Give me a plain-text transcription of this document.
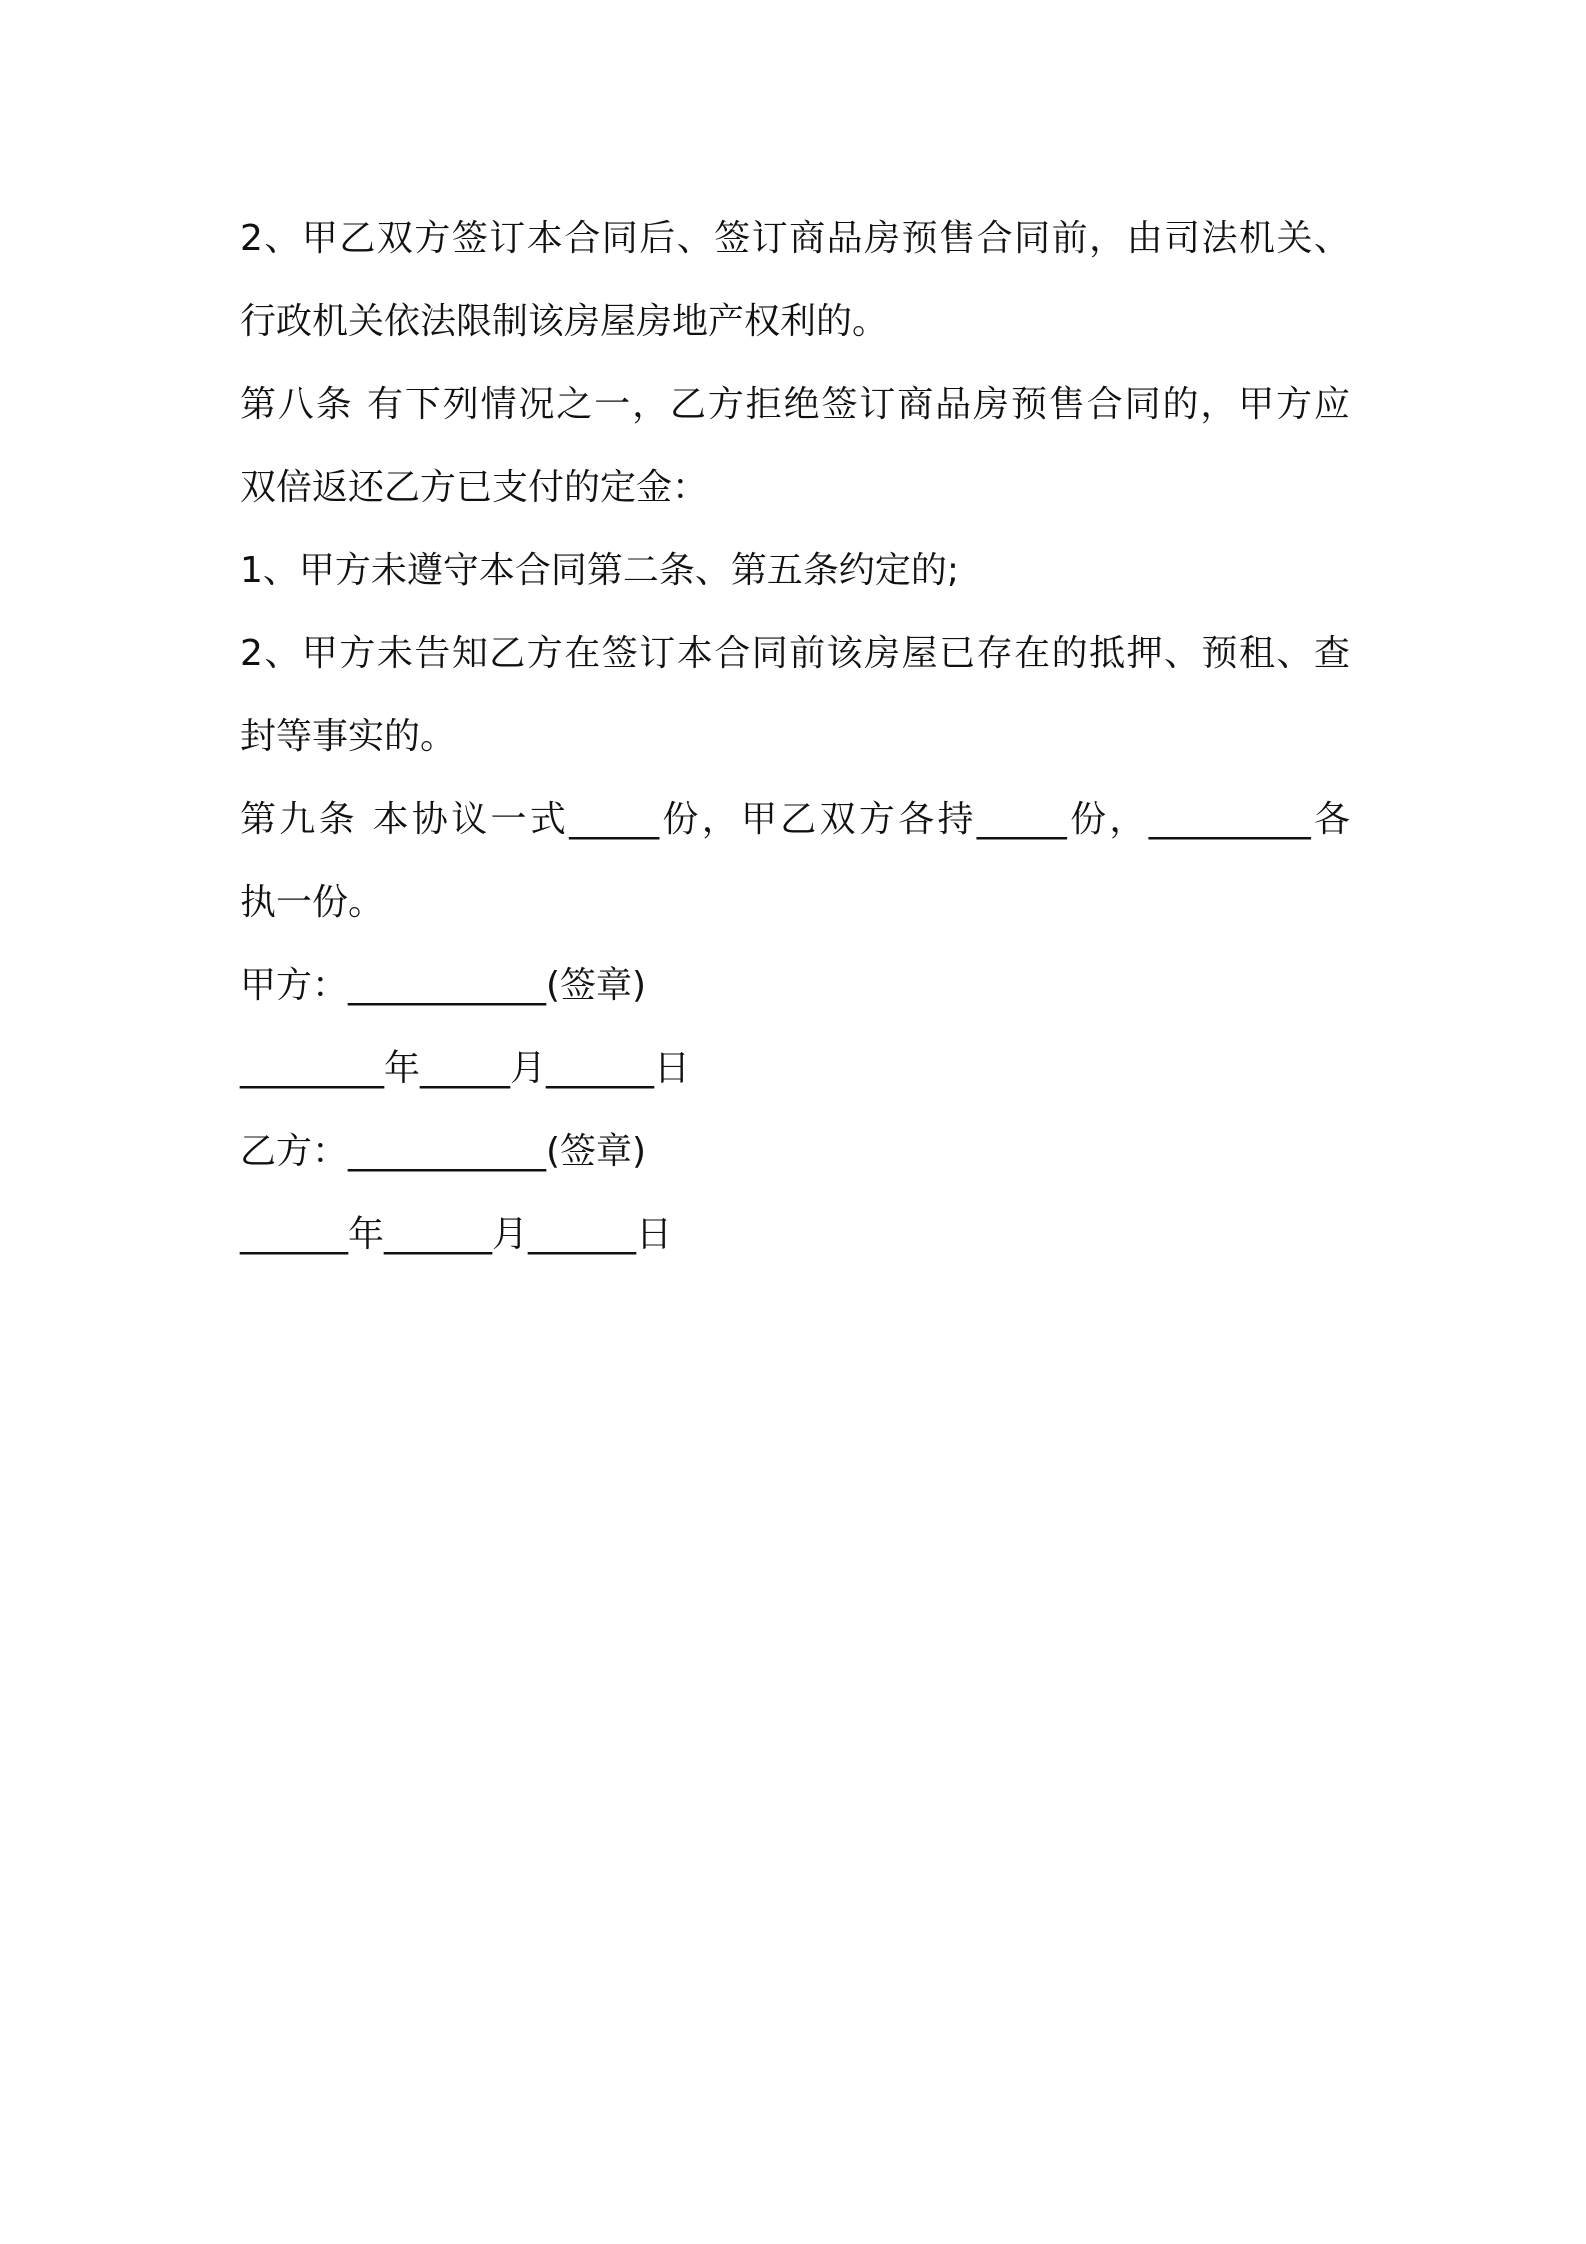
2、甲乙双方签订本合同后、签订商品房预售合同前，由司法机关、
行政机关依法限制该房屋房地产权利的。
第八条 有下列情况之一，乙方拒绝签订商品房预售合同的，甲方应
双倍返还乙方已支付的定金：
1、甲方未遵守本合同第二条、第五条约定的;
2、甲方未告知乙方在签订本合同前该房屋已存在的抵押、预租、查
封等事实的。
第九条 本协议一式_____份，甲乙双方各持_____份，_________各
执一份。
甲方：___________(签章)
________年_____月______日
乙方：___________(签章)
______年______月______日
